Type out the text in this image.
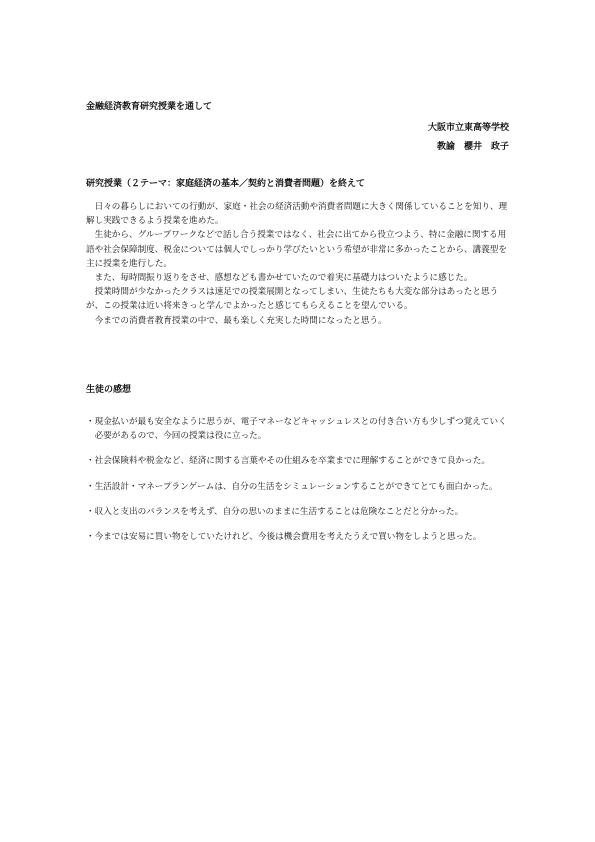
金融経済教育研究授業を通して
大阪市立東高等学校
教諭　櫻井　政子
研究授業（２テーマ：家庭経済の基本／契約と消費者問題）を終えて

日々の暮らしにおいての行動が、家庭・社会の経済活動や消費者問題に大きく関係していることを知り、理解し実践できるよう授業を進めた。

生徒から、グループワークなどで話し合う授業ではなく、社会に出てから役立つよう、特に金融に関する用語や社会保障制度、税金については個人でしっかり学びたいという希望が非常に多かったことから、講義型を主に授業を進行した。

また、毎時間振り返りをさせ、感想なども書かせていたので着実に基礎力はついたように感じた。

授業時間が少なかったクラスは速足での授業展開となってしまい、生徒たちも大変な部分はあったと思うが、この授業は近い将来きっと学んでよかったと感じてもらえることを望んでいる。

今までの消費者教育授業の中で、最も楽しく充実した時間になったと思う。

生徒の感想
・現金払いが最も安全なように思うが、電子マネーなどキャッシュレスとの付き合い方も少しずつ覚えていく必要があるので、今回の授業は役に立った。
・社会保険料や税金など、経済に関する言葉やその仕組みを卒業までに理解することができて良かった。
・生活設計・マネープランゲームは、自分の生活をシミュレーションすることができてとても面白かった。
・収入と支出のバランスを考えず、自分の思いのままに生活することは危険なことだと分かった。
・今までは安易に買い物をしていたけれど、今後は機会費用を考えたうえで買い物をしようと思った。
